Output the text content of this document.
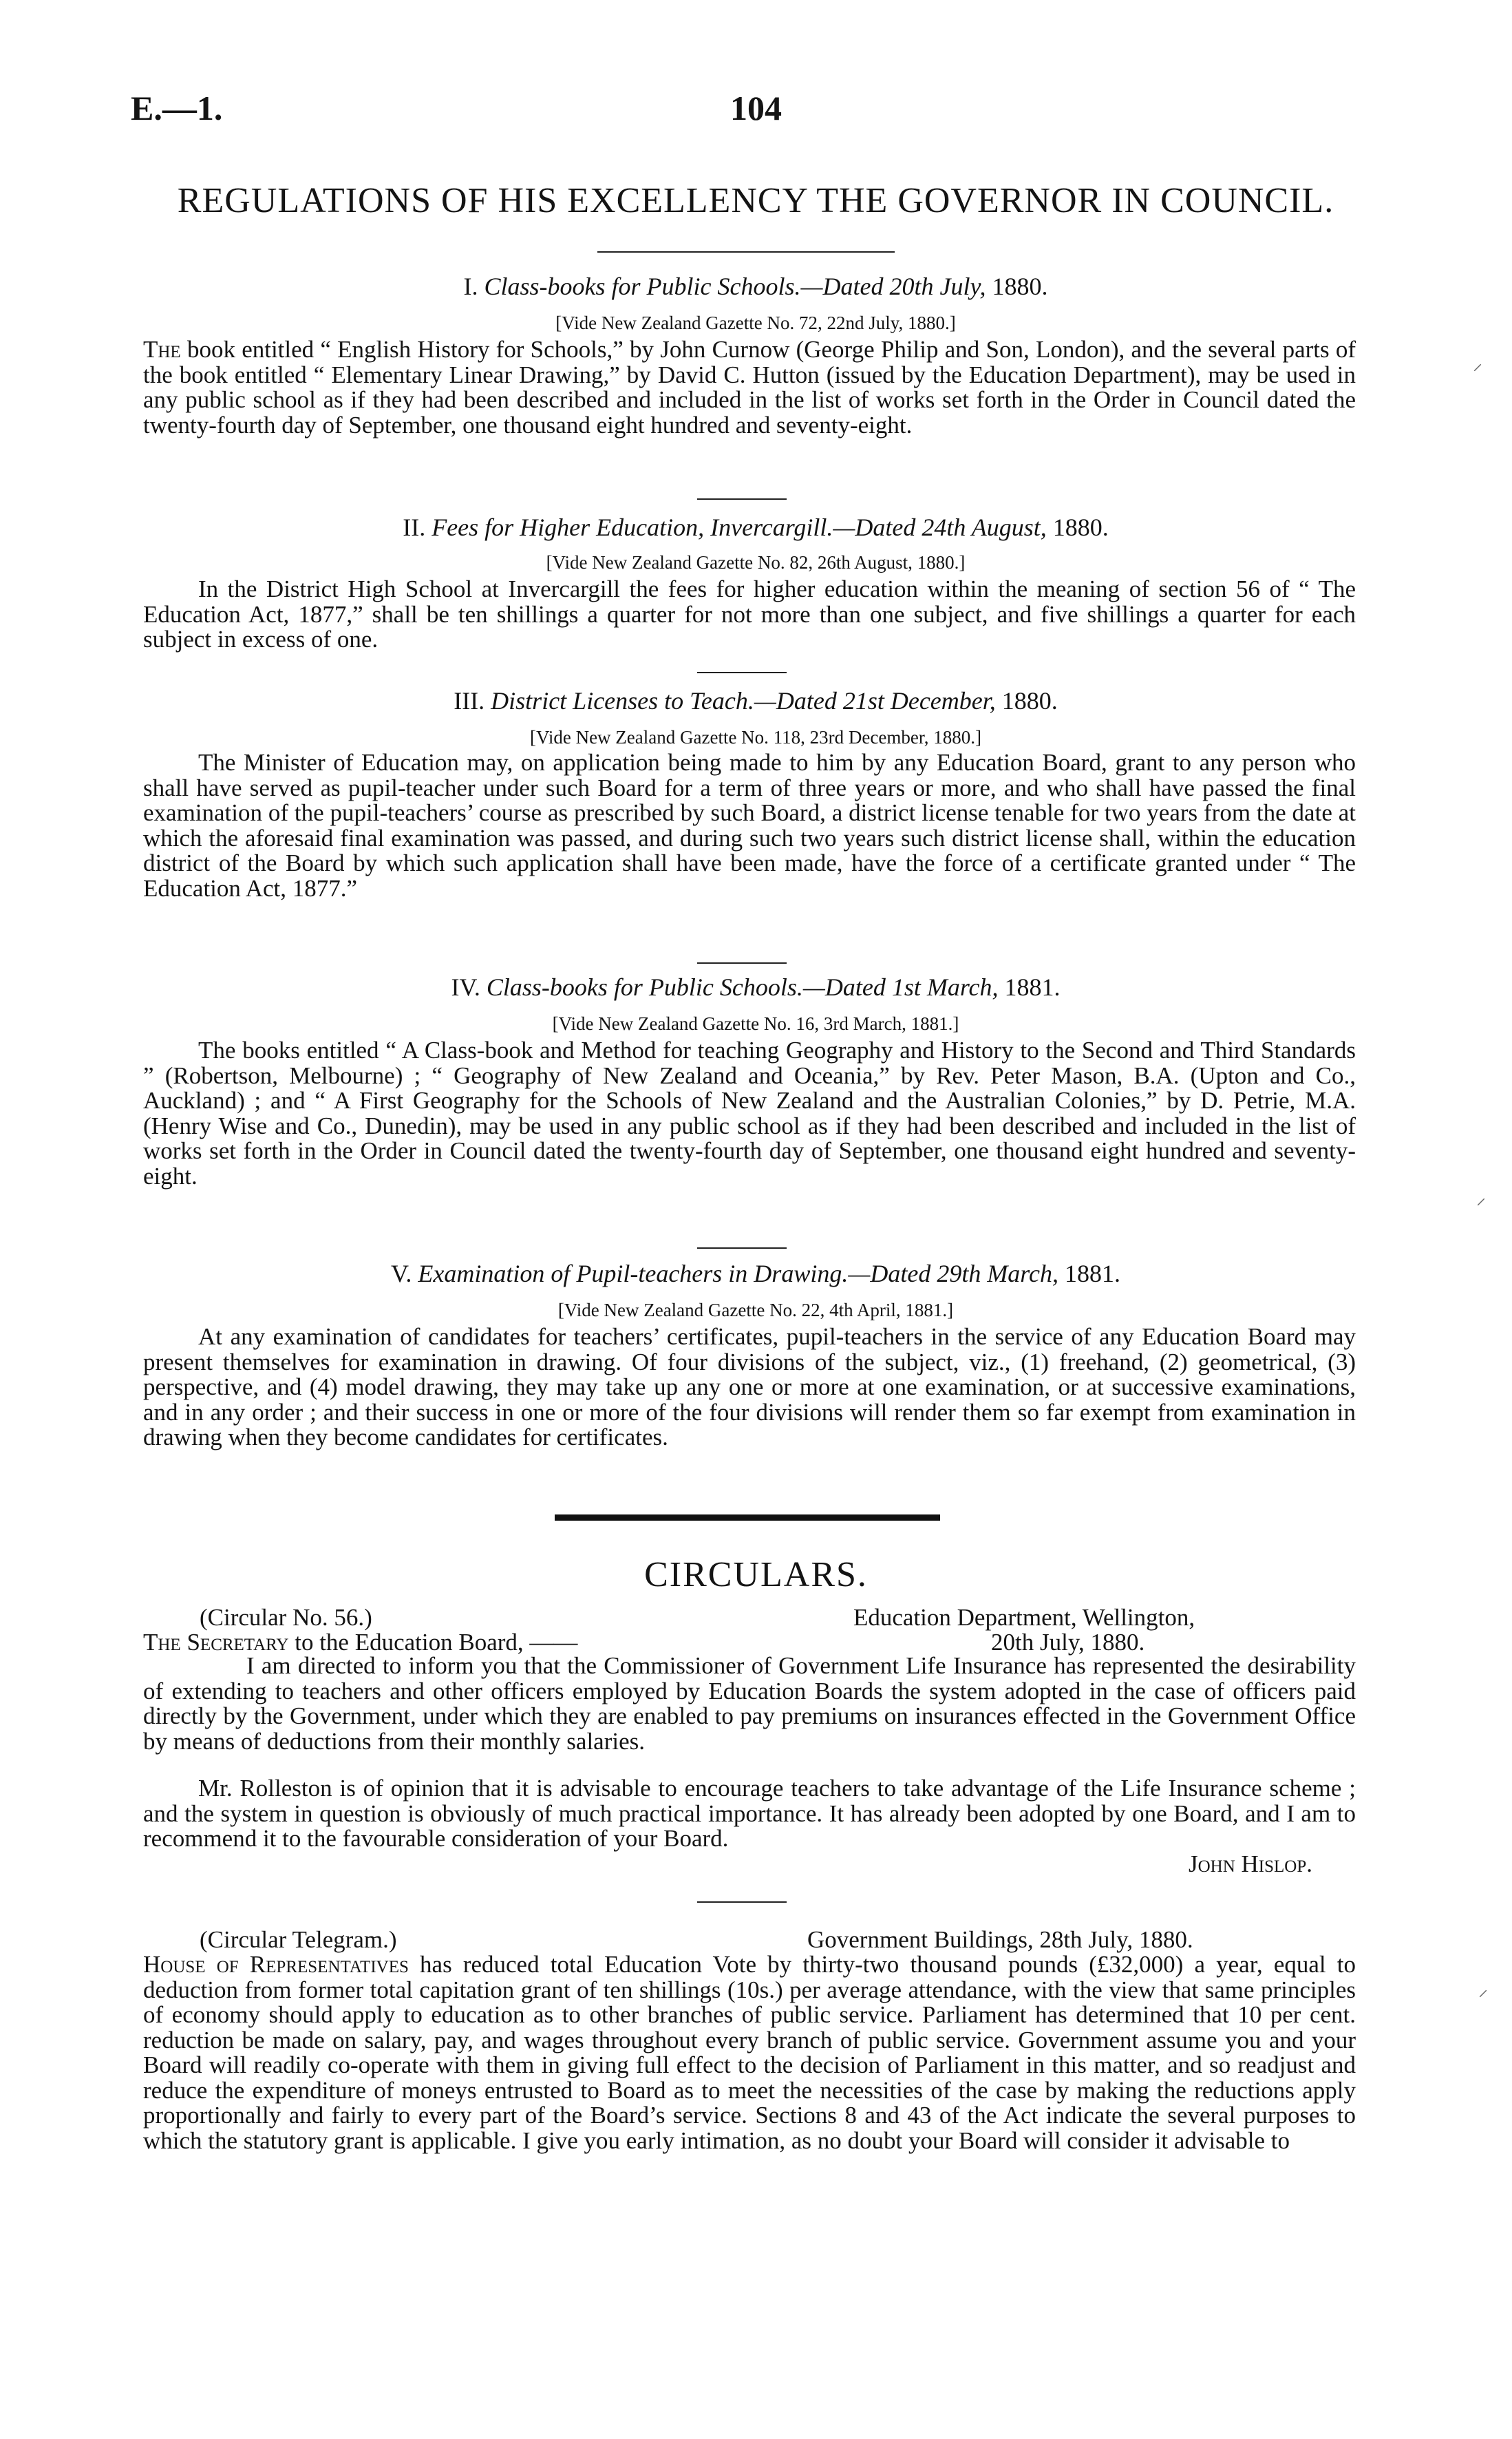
E.—1.	104
REGULATIONS OF HIS EXCELLENCY THE GOVERNOR IN COUNCIL.
I. Class-books for Public Schools.—Dated 20th July, 1880.
[Vide New Zealand Gazette No. 72, 22nd July, 1880.]
The book entitled “ English History for Schools,” by John Curnow (George Philip and Son, London), and the several parts of the book entitled “ Elementary Linear Drawing,” by David C. Hutton (issued by the Education Department), may be used in any public school as if they had been described and included in the list of works set forth in the Order in Council dated the twenty-fourth day of September, one thousand eight hundred and seventy-eight.
II. Fees for Higher Education, Invercargill.—Dated 24th August, 1880.
[Vide New Zealand Gazette No. 82, 26th August, 1880.]
In the District High School at Invercargill the fees for higher education within the meaning of section 56 of “ The Education Act, 1877,” shall be ten shillings a quarter for not more than one subject, and five shillings a quarter for each subject in excess of one.
III. District Licenses to Teach.—Dated 21st December, 1880.
[Vide New Zealand Gazette No. 118, 23rd December, 1880.]
The Minister of Education may, on application being made to him by any Education Board, grant to any person who shall have served as pupil-teacher under such Board for a term of three years or more, and who shall have passed the final examination of the pupil-teachers’ course as prescribed by such Board, a district license tenable for two years from the date at which the aforesaid final examination was passed, and during such two years such district license shall, within the education district of the Board by which such application shall have been made, have the force of a certificate granted under “ The Education Act, 1877.”
IV. Class-books for Public Schools.—Dated 1st March, 1881.
[Vide New Zealand Gazette No. 16, 3rd March, 1881.]
The books entitled “ A Class-book and Method for teaching Geography and History to the Second and Third Standards ” (Robertson, Melbourne) ; “ Geography of New Zealand and Oceania,” by Rev. Peter Mason, B.A. (Upton and Co., Auckland) ; and “ A First Geography for the Schools of New Zealand and the Australian Colonies,” by D. Petrie, M.A. (Henry Wise and Co., Dunedin), may be used in any public school as if they had been described and included in the list of works set forth in the Order in Council dated the twenty-fourth day of September, one thousand eight hundred and seventy-eight.
V. Examination of Pupil-teachers in Drawing.—Dated 29th March, 1881.
[Vide New Zealand Gazette No. 22, 4th April, 1881.]
At any examination of candidates for teachers’ certificates, pupil-teachers in the service of any Education Board may present themselves for examination in drawing. Of four divisions of the subject, viz., (1) freehand, (2) geometrical, (3) perspective, and (4) model drawing, they may take up any one or more at one examination, or at successive examinations, and in any order ; and their success in one or more of the four divisions will render them so far exempt from examination in drawing when they become candidates for certificates.
CIRCULARS.
(Circular No. 56.)	Education Department, Wellington,
The Secretary to the Education Board, ——	20th July, 1880.
I am directed to inform you that the Commissioner of Government Life Insurance has represented the desirability of extending to teachers and other officers employed by Education Boards the system adopted in the case of officers paid directly by the Government, under which they are enabled to pay premiums on insurances effected in the Government Office by means of deductions from their monthly salaries.
Mr. Rolleston is of opinion that it is advisable to encourage teachers to take advantage of the Life Insurance scheme ; and the system in question is obviously of much practical importance. It has already been adopted by one Board, and I am to recommend it to the favourable consideration of your Board.
John Hislop.
(Circular Telegram.)	Government Buildings, 28th July, 1880.
House of Representatives has reduced total Education Vote by thirty-two thousand pounds (£32,000) a year, equal to deduction from former total capitation grant of ten shillings (10s.) per average attendance, with the view that same principles of economy should apply to education as to other branches of public service. Parliament has determined that 10 per cent. reduction be made on salary, pay, and wages throughout every branch of public service. Government assume you and your Board will readily co-operate with them in giving full effect to the decision of Parliament in this matter, and so readjust and reduce the expenditure of moneys entrusted to Board as to meet the necessities of the case by making the reductions apply proportionally and fairly to every part of the Board’s service. Sections 8 and 43 of the Act indicate the several purposes to which the statutory grant is applicable. I give you early intimation, as no doubt your Board will consider it advisable to
⸝
⸝
⸝
